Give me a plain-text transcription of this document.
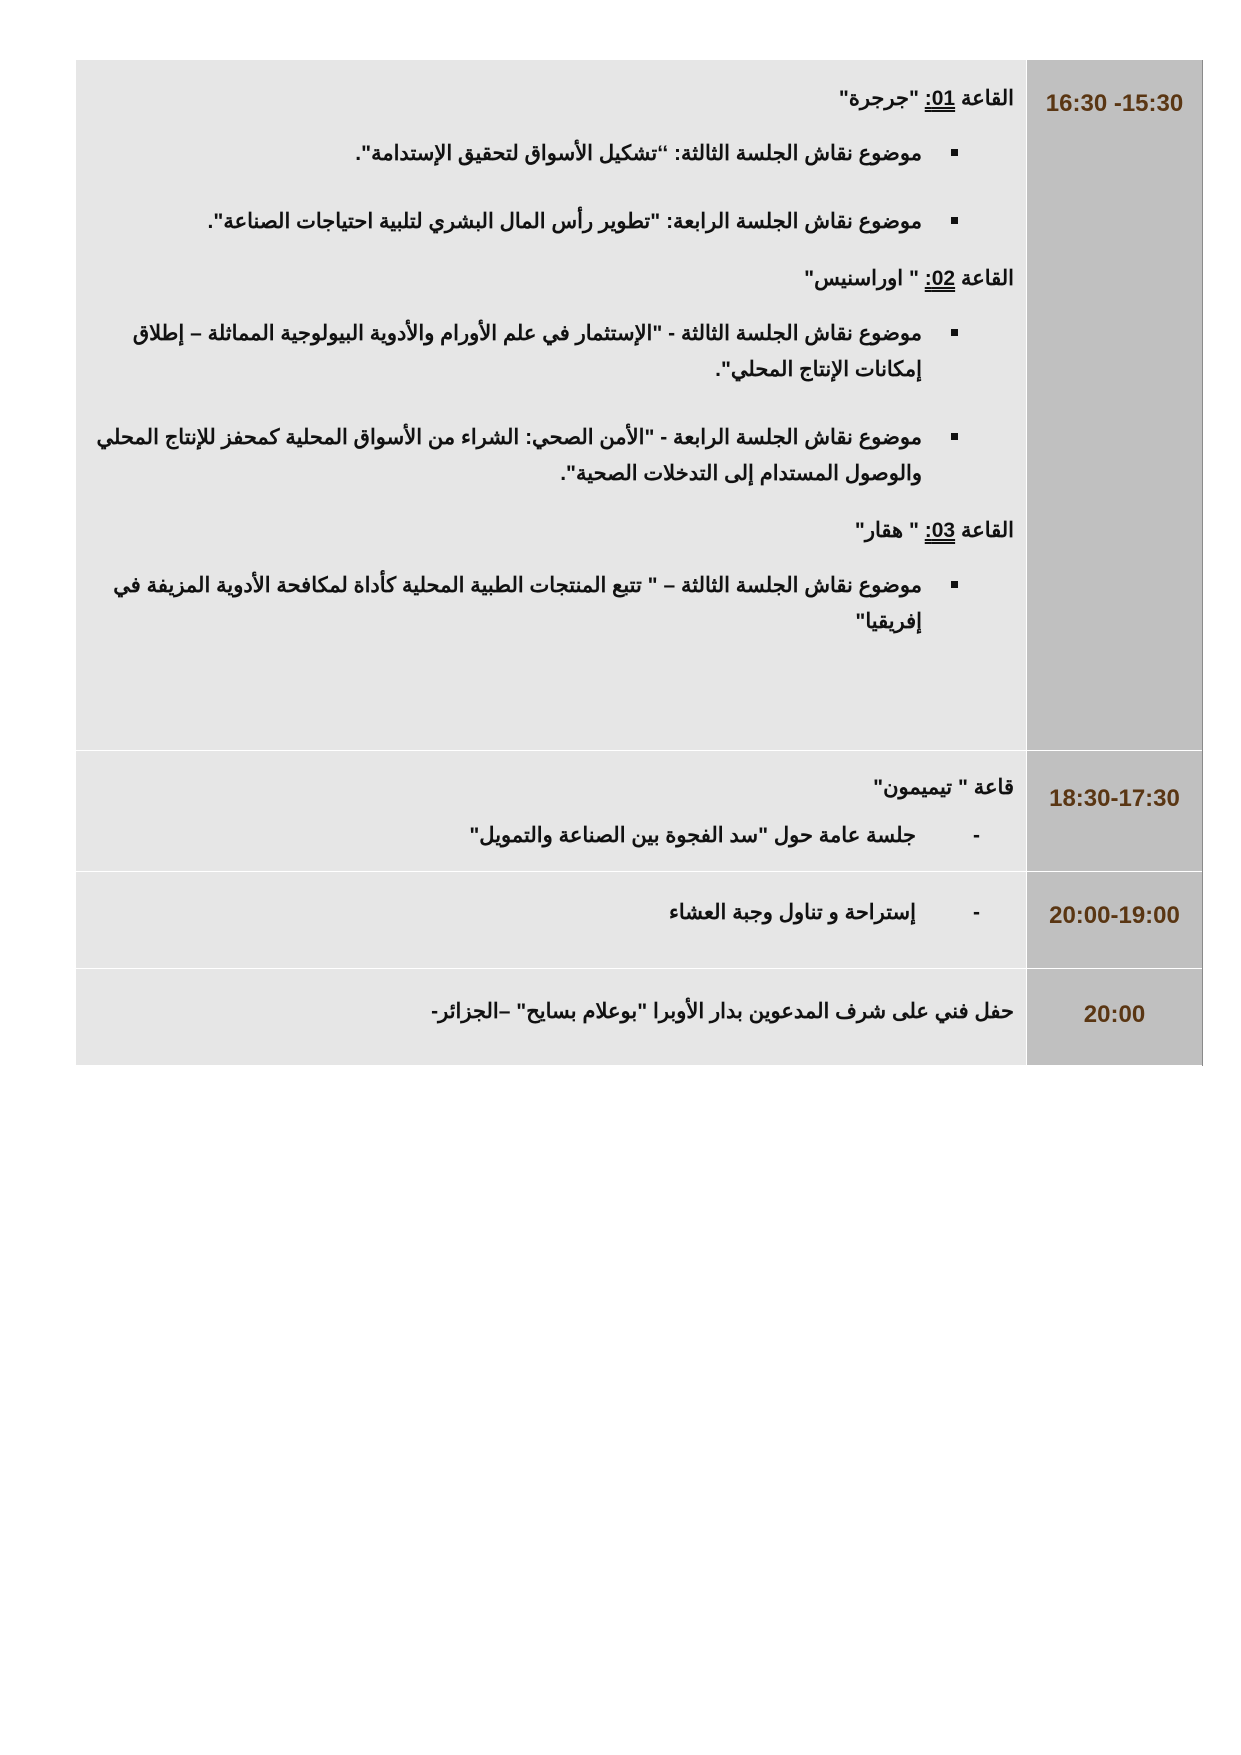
16:30 -15:30
القاعة 01: "جرجرة"
موضوع نقاش الجلسة الثالثة: ‘‘تشكيل الأسواق لتحقيق الإستدامة".
موضوع نقاش الجلسة الرابعة: "تطوير رأس المال البشري لتلبية احتياجات الصناعة".
القاعة 02: " اوراسنيس"
موضوع نقاش الجلسة الثالثة - "الإستثمار في علم الأورام والأدوية البيولوجية المماثلة – إطلاق إمكانات الإنتاج المحلي".
موضوع نقاش الجلسة الرابعة - "الأمن الصحي: الشراء من الأسواق المحلية كمحفز للإنتاج المحلي والوصول المستدام إلى التدخلات الصحية".
القاعة 03: " هقار"
موضوع نقاش الجلسة الثالثة – " تتبع المنتجات الطبية المحلية كأداة لمكافحة الأدوية المزيفة في إفريقيا"
18:30-17:30
قاعة " تيميمون"
-
جلسة عامة حول "سد الفجوة بين الصناعة والتمويل"
20:00-19:00
-
إستراحة و تناول وجبة العشاء
20:00
حفل فني على شرف المدعوين بدار الأوبرا "بوعلام بسايح" –الجزائر-
